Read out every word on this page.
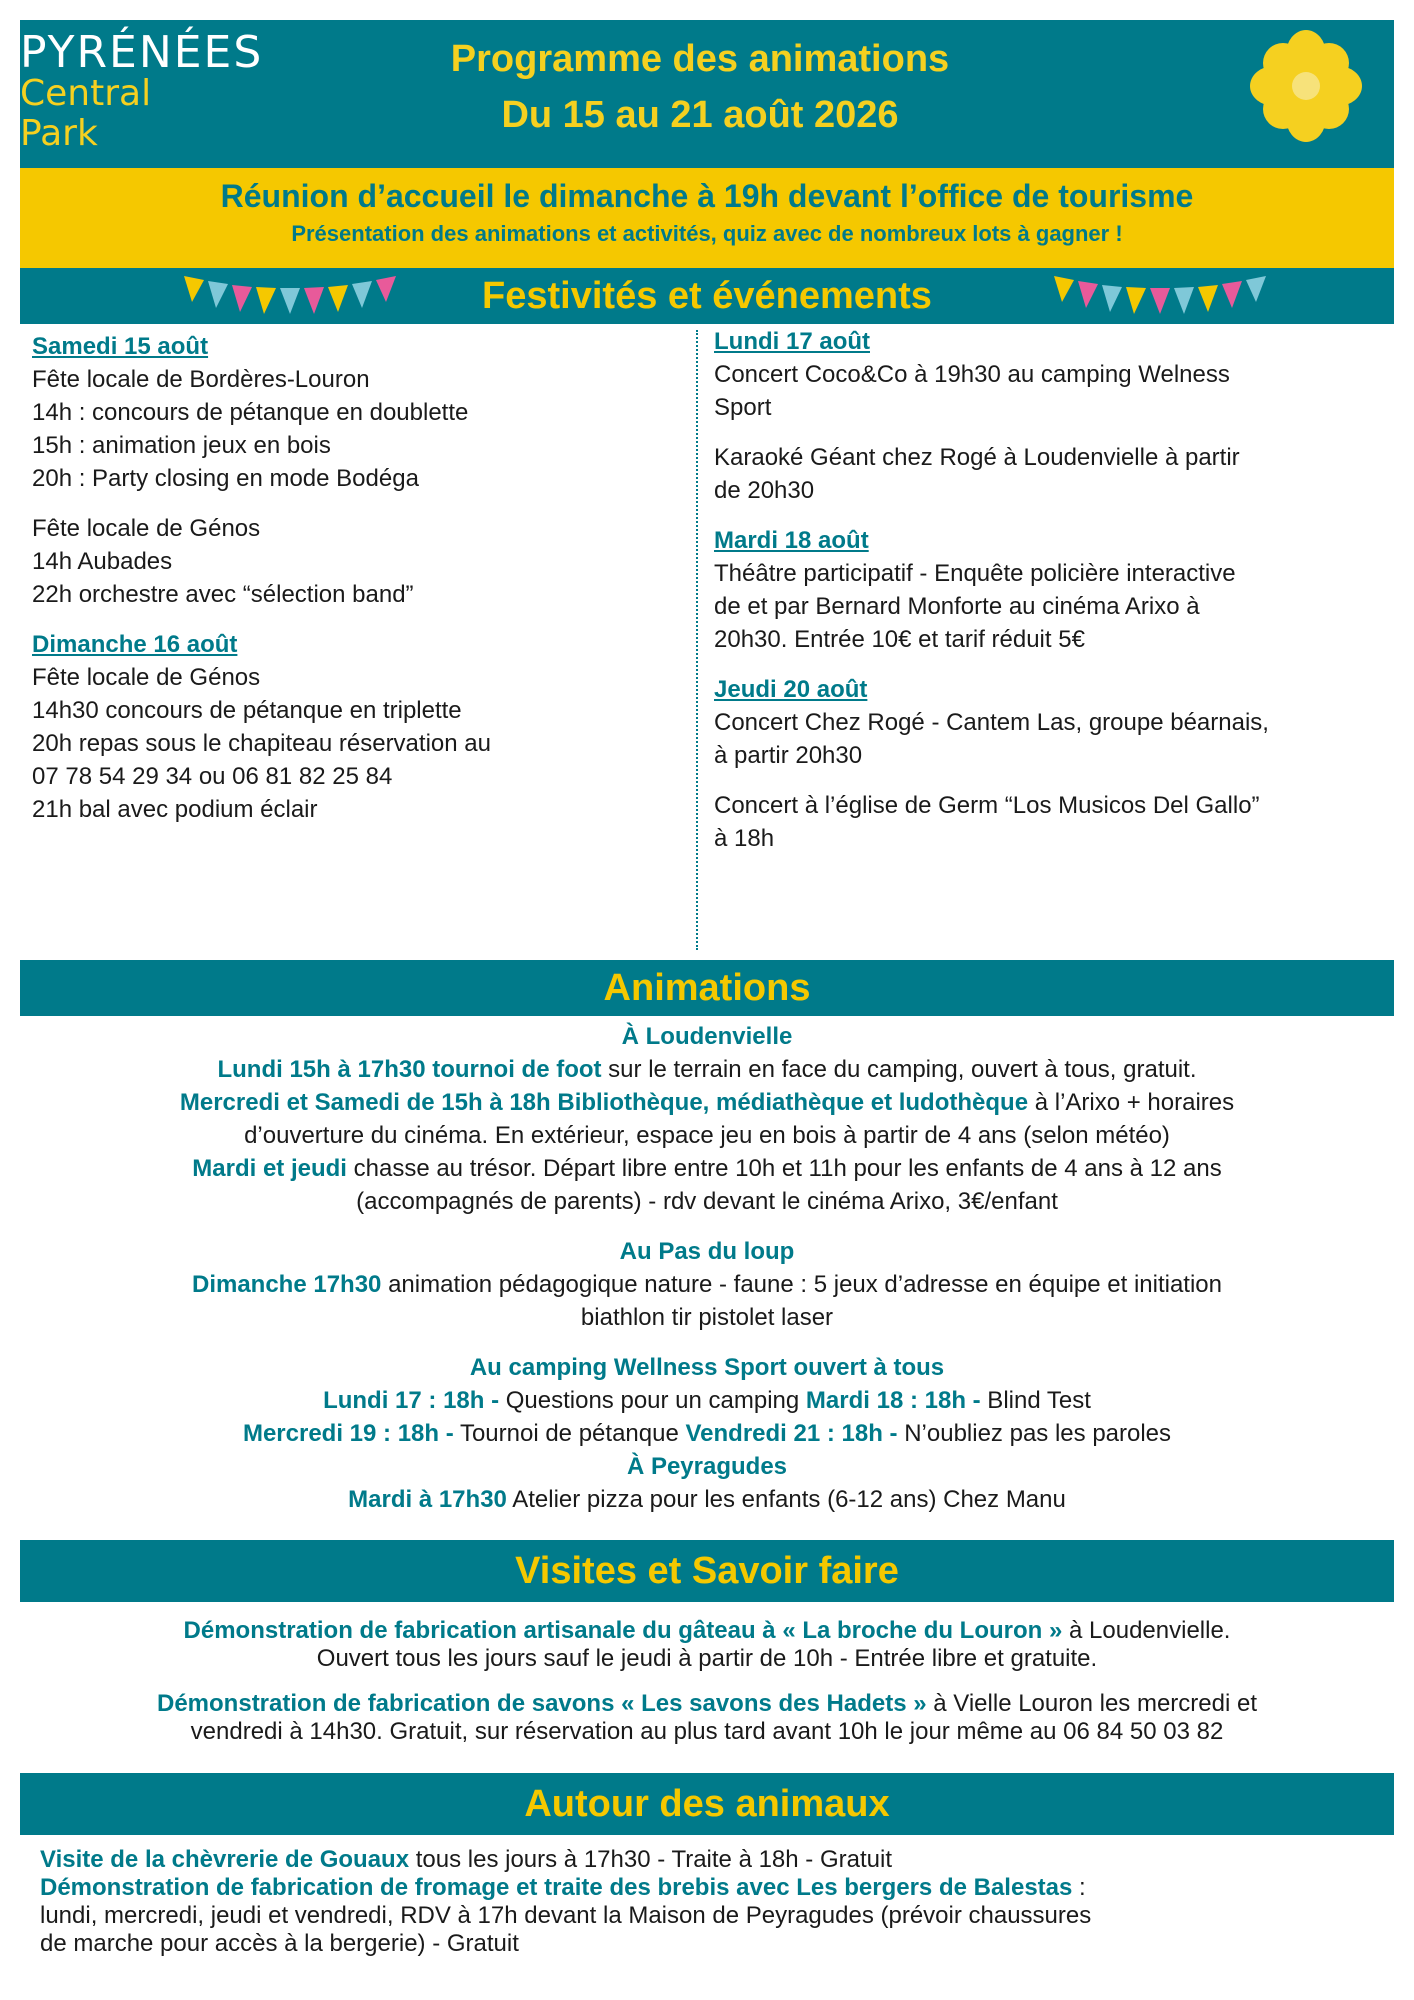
PYRÉNÉES
Central Park
Programme des animations
Du 15 au 21 août 2026
Réunion d’accueil le dimanche à 19h devant l’office de tourisme
Présentation des animations et activités, quiz avec de nombreux lots à gagner !
Festivités et événements

Samedi 15 août
Fête locale de Bordères-Louron
14h : concours de pétanque en doublette
15h : animation jeux en bois
20h : Party closing en mode Bodéga

Fête locale de Génos
14h Aubades
22h orchestre avec “sélection band”

Dimanche 16 août
Fête locale de Génos
14h30 concours de pétanque en triplette
20h repas sous le chapiteau réservation au
07 78 54 29 34 ou 06 81 82 25 84
21h bal avec podium éclair

Lundi 17 août
Concert Coco&Co à 19h30 au camping Welness
Sport

Karaoké Géant chez Rogé à Loudenvielle à partir
de 20h30

Mardi 18 août
Théâtre participatif - Enquête policière interactive
de et par Bernard Monforte au cinéma Arixo à
20h30. Entrée 10€ et tarif réduit 5€

Jeudi 20 août
Concert Chez Rogé - Cantem Las, groupe béarnais,
à partir 20h30

Concert à l’église de Germ “Los Musicos Del Gallo”
à 18h

Animations
À Loudenvielle
Lundi 15h à 17h30 tournoi de foot sur le terrain en face du camping, ouvert à tous, gratuit.
Mercredi et Samedi de 15h à 18h Bibliothèque, médiathèque et ludothèque à l’Arixo + horaires
d’ouverture du cinéma. En extérieur, espace jeu en bois à partir de 4 ans (selon météo)
Mardi et jeudi chasse au trésor. Départ libre entre 10h et 11h pour les enfants de 4 ans à 12 ans
(accompagnés de parents) - rdv devant le cinéma Arixo, 3€/enfant
Au Pas du loup
Dimanche 17h30 animation pédagogique nature - faune : 5 jeux d’adresse en équipe et initiation
biathlon tir pistolet laser
Au camping Wellness Sport ouvert à tous
Lundi 17 : 18h - Questions pour un camping Mardi 18 : 18h - Blind Test
Mercredi 19 : 18h - Tournoi de pétanque Vendredi 21 : 18h - N’oubliez pas les paroles
À Peyragudes
Mardi à 17h30 Atelier pizza pour les enfants (6-12 ans) Chez Manu
Visites et Savoir faire
Démonstration de fabrication artisanale du gâteau à « La broche du Louron » à Loudenvielle.
Ouvert tous les jours sauf le jeudi à partir de 10h - Entrée libre et gratuite.
Démonstration de fabrication de savons « Les savons des Hadets » à Vielle Louron les mercredi et
vendredi à 14h30. Gratuit, sur réservation au plus tard avant 10h le jour même au 06 84 50 03 82
Autour des animaux
Visite de la chèvrerie de Gouaux tous les jours à 17h30 - Traite à 18h - Gratuit
Démonstration de fabrication de fromage et traite des brebis avec Les bergers de Balestas :
lundi, mercredi, jeudi et vendredi, RDV à 17h devant la Maison de Peyragudes (prévoir chaussures
de marche pour accès à la bergerie) - Gratuit
